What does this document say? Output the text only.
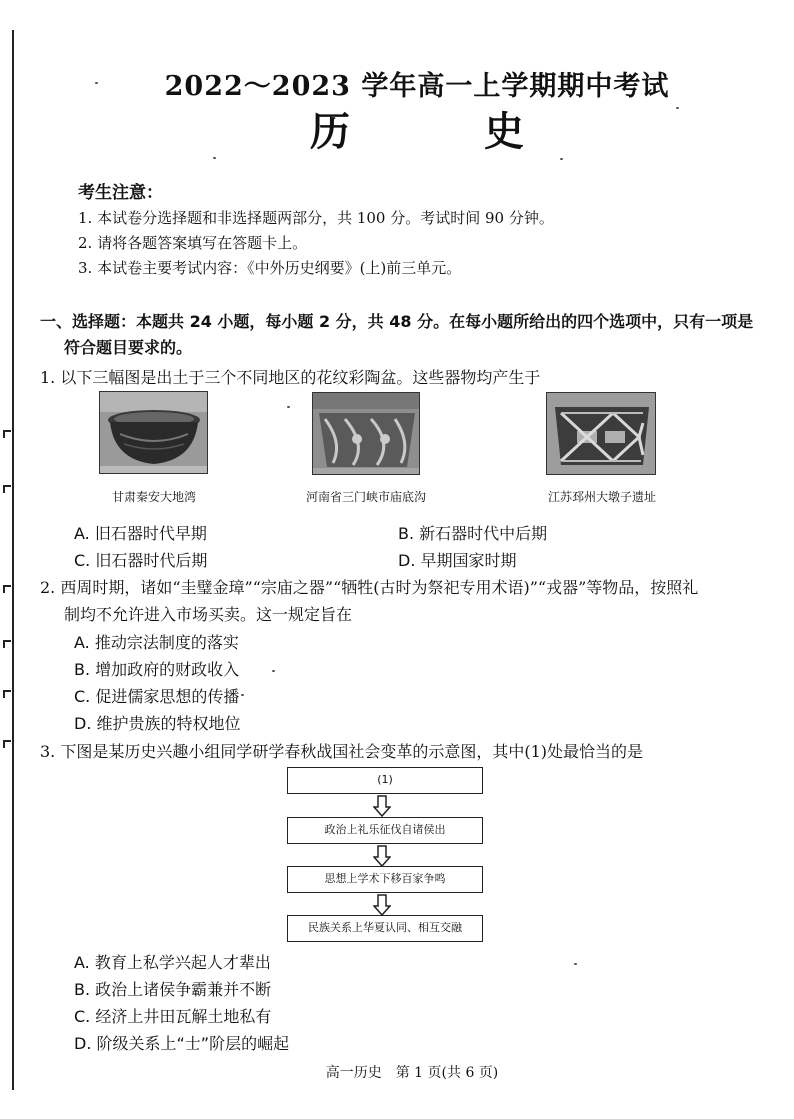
2022～2023 学年高一上学期期中考试
历 史
考生注意：
1. 本试卷分选择题和非选择题两部分，共 100 分。考试时间 90 分钟。
2. 请将各题答案填写在答题卡上。
3. 本试卷主要考试内容：《中外历史纲要》(上)前三单元。
一、选择题：本题共 24 小题，每小题 2 分，共 48 分。在每小题所给出的四个选项中，只有一项是
符合题目要求的。
1. 以下三幅图是出土于三个不同地区的花纹彩陶盆。这些器物均产生于
甘肃秦安大地湾	河南省三门峡市庙底沟	江苏邳州大墩子遗址
A. 旧石器时代早期	B. 新石器时代中后期
C. 旧石器时代后期	D. 早期国家时期
2. 西周时期，诸如“圭璧金璋”“宗庙之器”“牺牲(古时为祭祀专用术语)”“戎器”等物品，按照礼
制均不允许进入市场买卖。这一规定旨在
A. 推动宗法制度的落实
B. 增加政府的财政收入
C. 促进儒家思想的传播
D. 维护贵族的特权地位
3. 下图是某历史兴趣小组同学研学春秋战国社会变革的示意图，其中(1)处最恰当的是
(1)
政治上礼乐征伐自诸侯出
思想上学术下移百家争鸣
民族关系上华夏认同、相互交融
A. 教育上私学兴起人才辈出
B. 政治上诸侯争霸兼并不断
C. 经济上井田瓦解土地私有
D. 阶级关系上“士”阶层的崛起
高一历史　第 1 页(共 6 页)
